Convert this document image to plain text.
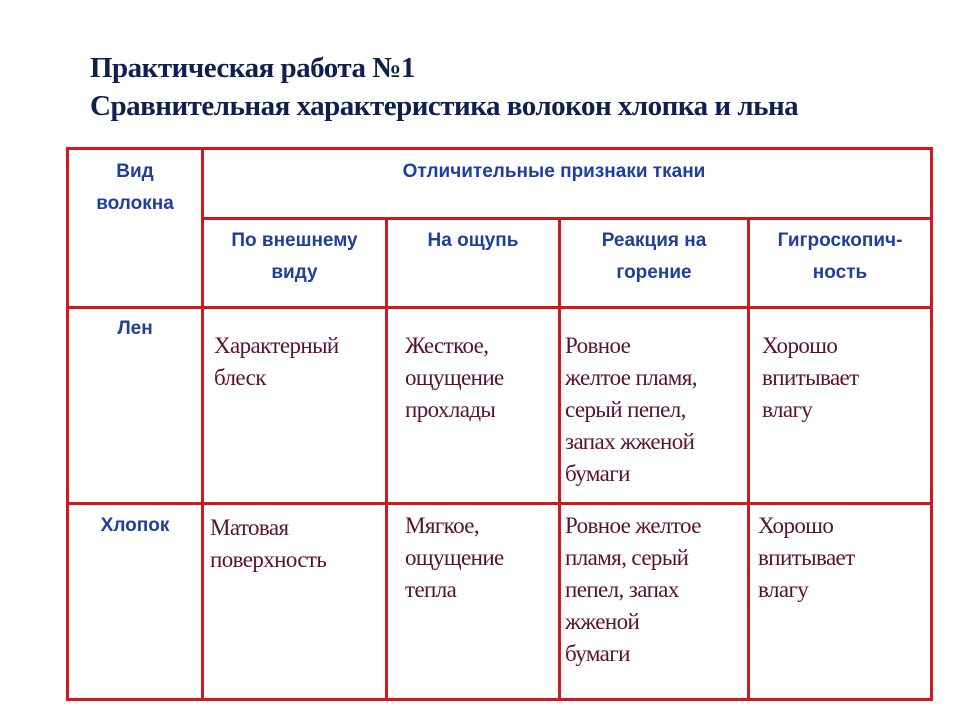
Практическая работа №1
Сравнительная характеристика волокон хлопка и льна
Вид
волокна
Отличительные признаки ткани
По внешнему
виду
На ощупь	Реакция на
горение
Гигроскопич-
ность
Лен
Характерный
блеск
Жесткое,
ощущение
прохлады
Ровное
желтое пламя,
серый пепел,
запах жженой
бумаги
Хорошо
впитывает
влагу
Хлопок	Матовая
поверхность
Мягкое,
ощущение
тепла
Ровное желтое
пламя, серый
пепел, запах
жженой
бумаги
Хорошо
впитывает
влагу
